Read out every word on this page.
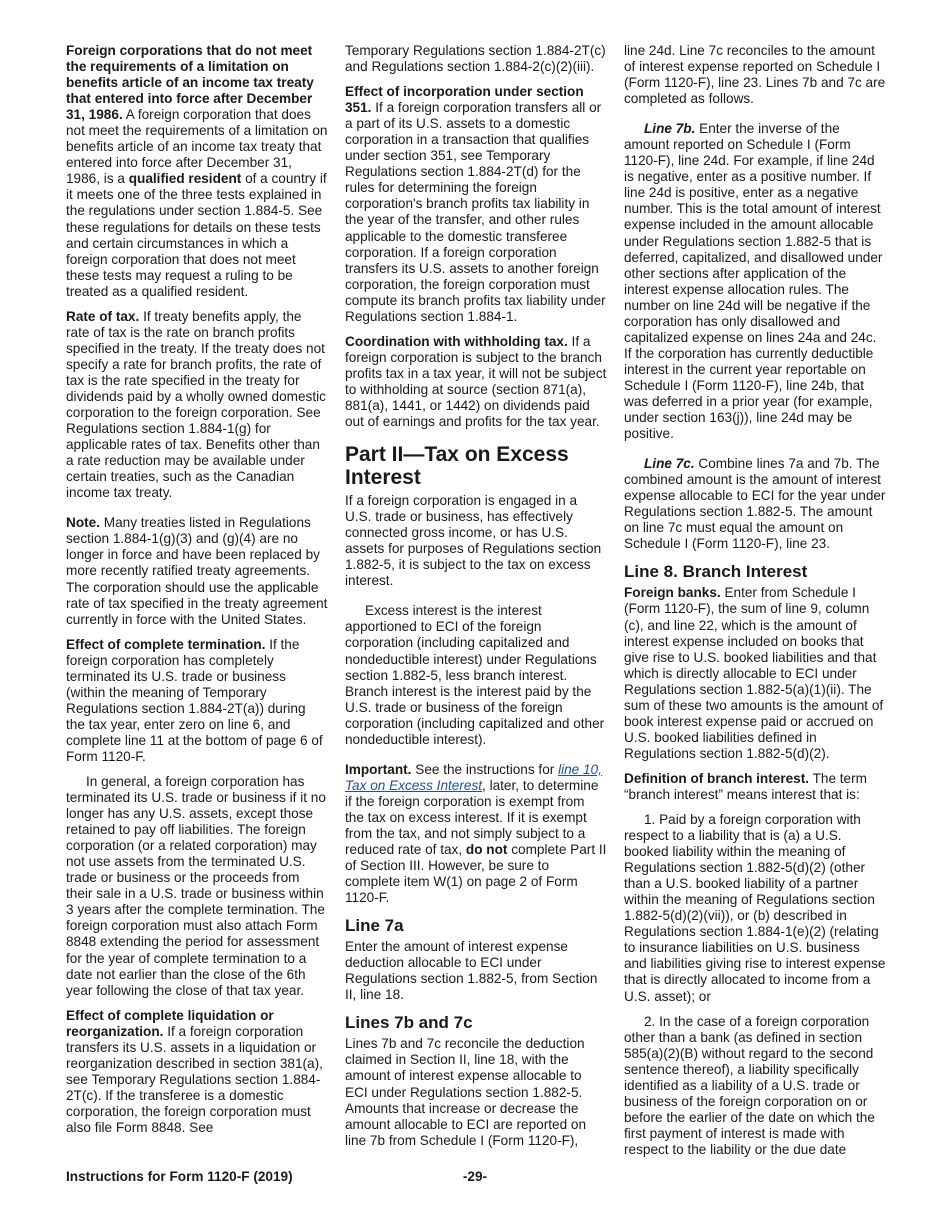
Foreign corporations that do not meet the requirements of a limitation on benefits article of an income tax treaty that entered into force after December 31, 1986. A foreign corporation that does not meet the requirements of a limitation on benefits article of an income tax treaty that entered into force after December 31, 1986, is a qualified resident of a country if it meets one of the three tests explained in the regulations under section 1.884-5. See these regulations for details on these tests and certain circumstances in which a foreign corporation that does not meet these tests may request a ruling to be treated as a qualified resident.

Rate of tax. If treaty benefits apply, the rate of tax is the rate on branch profits specified in the treaty. If the treaty does not specify a rate for branch profits, the rate of tax is the rate specified in the treaty for dividends paid by a wholly owned domestic corporation to the foreign corporation. See Regulations section 1.884-1(g) for applicable rates of tax. Benefits other than a rate reduction may be available under certain treaties, such as the Canadian income tax treaty.

Note. Many treaties listed in Regulations section 1.884-1(g)(3) and (g)(4) are no longer in force and have been replaced by more recently ratified treaty agreements. The corporation should use the applicable rate of tax specified in the treaty agreement currently in force with the United States.

Effect of complete termination. If the foreign corporation has completely terminated its U.S. trade or business (within the meaning of Temporary Regulations section 1.884-2T(a)) during the tax year, enter zero on line 6, and complete line 11 at the bottom of page 6 of Form 1120-F.

In general, a foreign corporation has terminated its U.S. trade or business if it no longer has any U.S. assets, except those retained to pay off liabilities. The foreign corporation (or a related corporation) may not use assets from the terminated U.S. trade or business or the proceeds from their sale in a U.S. trade or business within 3 years after the complete termination. The foreign corporation must also attach Form 8848 extending the period for assessment for the year of complete termination to a date not earlier than the close of the 6th year following the close of that tax year.

Effect of complete liquidation or reorganization. If a foreign corporation transfers its U.S. assets in a liquidation or reorganization described in section 381(a), see Temporary Regulations section 1.884-2T(c). If the transferee is a domestic corporation, the foreign corporation must also file Form 8848. See

Temporary Regulations section 1.884-2T(c) and Regulations section 1.884-2(c)(2)(iii).

Effect of incorporation under section 351. If a foreign corporation transfers all or a part of its U.S. assets to a domestic corporation in a transaction that qualifies under section 351, see Temporary Regulations section 1.884-2T(d) for the rules for determining the foreign corporation's branch profits tax liability in the year of the transfer, and other rules applicable to the domestic transferee corporation. If a foreign corporation transfers its U.S. assets to another foreign corporation, the foreign corporation must compute its branch profits tax liability under Regulations section 1.884-1.

Coordination with withholding tax. If a foreign corporation is subject to the branch profits tax in a tax year, it will not be subject to withholding at source (section 871(a), 881(a), 1441, or 1442) on dividends paid out of earnings and profits for the tax year.

Part II—Tax on Excess Interest

If a foreign corporation is engaged in a U.S. trade or business, has effectively connected gross income, or has U.S. assets for purposes of Regulations section 1.882-5, it is subject to the tax on excess interest.

Excess interest is the interest apportioned to ECI of the foreign corporation (including capitalized and nondeductible interest) under Regulations section 1.882-5, less branch interest. Branch interest is the interest paid by the U.S. trade or business of the foreign corporation (including capitalized and other nondeductible interest).

Important. See the instructions for line 10, Tax on Excess Interest, later, to determine if the foreign corporation is exempt from the tax on excess interest. If it is exempt from the tax, and not simply subject to a reduced rate of tax, do not complete Part II of Section III. However, be sure to complete item W(1) on page 2 of Form 1120-F.

Line 7a

Enter the amount of interest expense deduction allocable to ECI under Regulations section 1.882-5, from Section II, line 18.

Lines 7b and 7c

Lines 7b and 7c reconcile the deduction claimed in Section II, line 18, with the amount of interest expense allocable to ECI under Regulations section 1.882-5. Amounts that increase or decrease the amount allocable to ECI are reported on line 7b from Schedule I (Form 1120-F),

line 24d. Line 7c reconciles to the amount of interest expense reported on Schedule I (Form 1120-F), line 23. Lines 7b and 7c are completed as follows.

Line 7b. Enter the inverse of the amount reported on Schedule I (Form 1120-F), line 24d. For example, if line 24d is negative, enter as a positive number. If line 24d is positive, enter as a negative number. This is the total amount of interest expense included in the amount allocable under Regulations section 1.882-5 that is deferred, capitalized, and disallowed under other sections after application of the interest expense allocation rules. The number on line 24d will be negative if the corporation has only disallowed and capitalized expense on lines 24a and 24c. If the corporation has currently deductible interest in the current year reportable on Schedule I (Form 1120-F), line 24b, that was deferred in a prior year (for example, under section 163(j)), line 24d may be positive.

Line 7c. Combine lines 7a and 7b. The combined amount is the amount of interest expense allocable to ECI for the year under Regulations section 1.882-5. The amount on line 7c must equal the amount on Schedule I (Form 1120-F), line 23.

Line 8. Branch Interest

Foreign banks. Enter from Schedule I (Form 1120-F), the sum of line 9, column (c), and line 22, which is the amount of interest expense included on books that give rise to U.S. booked liabilities and that which is directly allocable to ECI under Regulations section 1.882-5(a)(1)(ii). The sum of these two amounts is the amount of book interest expense paid or accrued on U.S. booked liabilities defined in Regulations section 1.882-5(d)(2).

Definition of branch interest. The term “branch interest” means interest that is:

1. Paid by a foreign corporation with respect to a liability that is (a) a U.S. booked liability within the meaning of Regulations section 1.882-5(d)(2) (other than a U.S. booked liability of a partner within the meaning of Regulations section 1.882-5(d)(2)(vii)), or (b) described in Regulations section 1.884-1(e)(2) (relating to insurance liabilities on U.S. business and liabilities giving rise to interest expense that is directly allocated to income from a U.S. asset); or

2. In the case of a foreign corporation other than a bank (as defined in section 585(a)(2)(B) without regard to the second sentence thereof), a liability specifically identified as a liability of a U.S. trade or business of the foreign corporation on or before the earlier of the date on which the first payment of interest is made with respect to the liability or the due date

Instructions for Form 1120-F (2019)	-29-
